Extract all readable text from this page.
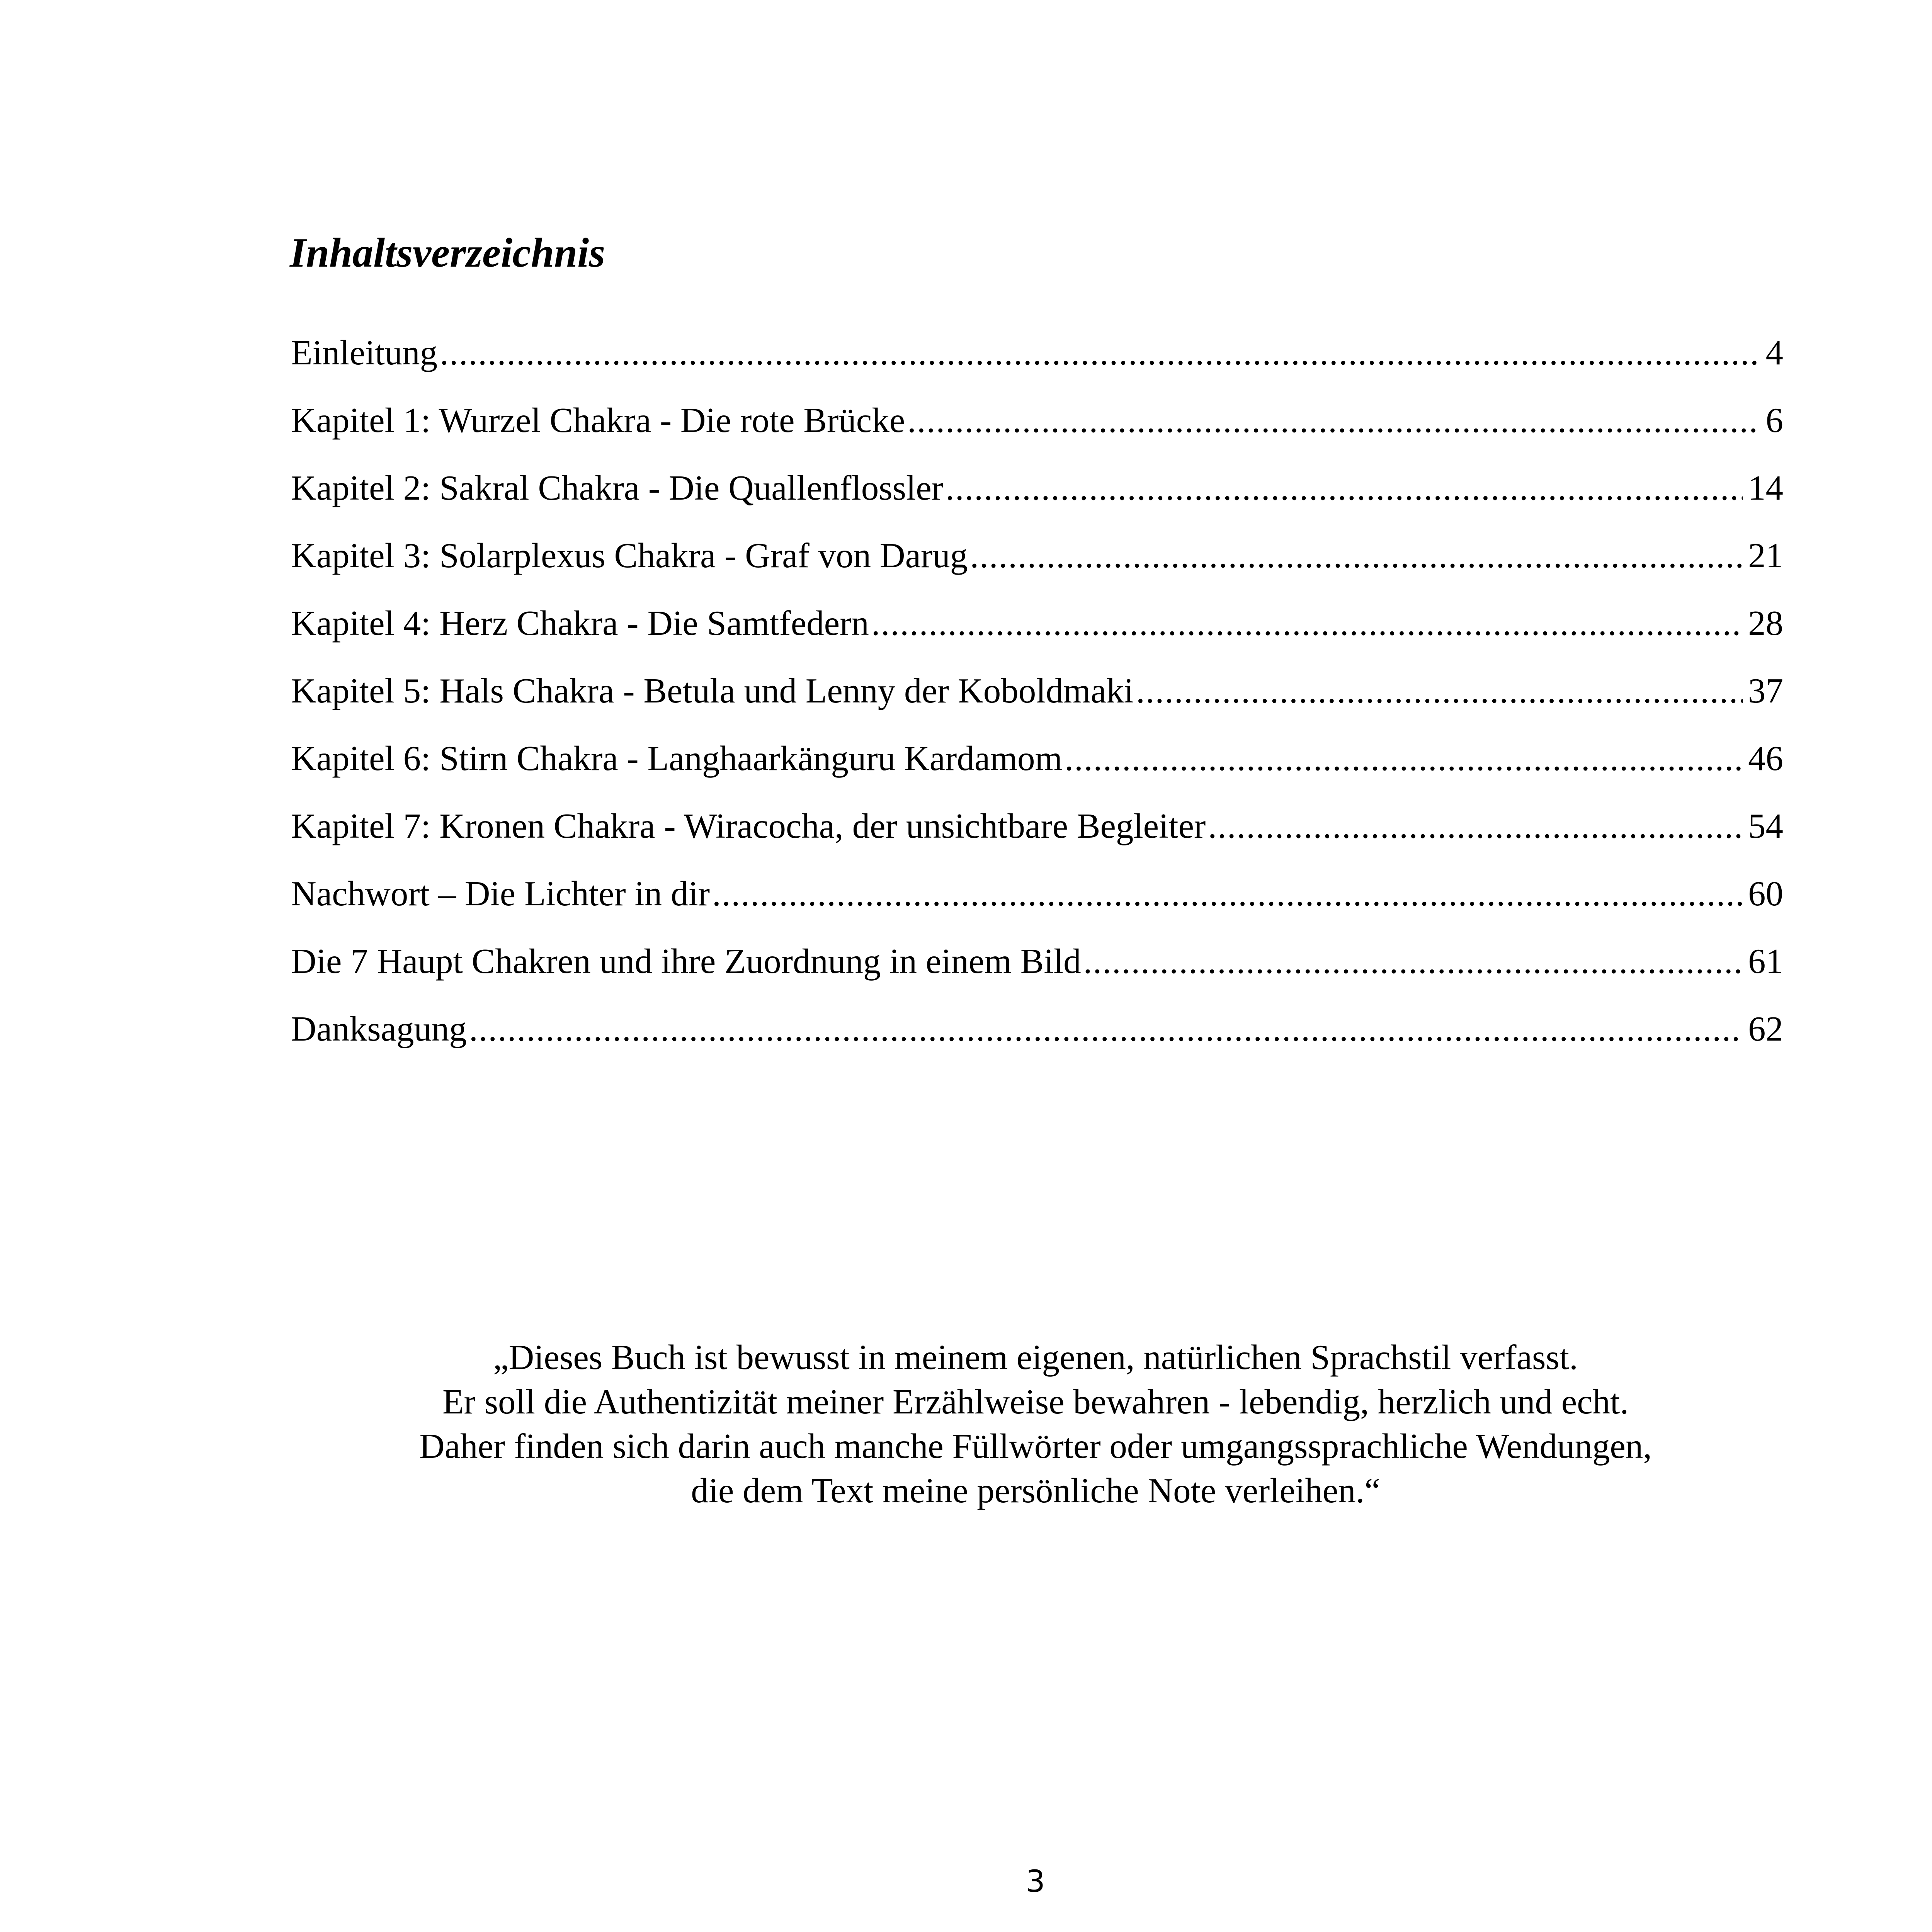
Inhaltsverzeichnis
Einleitung .....	4
Kapitel 1: Wurzel Chakra - Die rote Brücke .....	6
Kapitel 2: Sakral Chakra - Die Quallenflossler .....	14
Kapitel 3: Solarplexus Chakra - Graf von Darug .....	21
Kapitel 4: Herz Chakra - Die Samtfedern .....	28
Kapitel 5: Hals Chakra - Betula und Lenny der Koboldmaki .....	37
Kapitel 6: Stirn Chakra - Langhaarkänguru Kardamom .....	46
Kapitel 7: Kronen Chakra - Wiracocha, der unsichtbare Begleiter .....	54
Nachwort – Die Lichter in dir .....	60
Die 7 Haupt Chakren und ihre Zuordnung in einem Bild .....	61
Danksagung .....	62
„Dieses Buch ist bewusst in meinem eigenen, natürlichen Sprachstil verfasst.
Er soll die Authentizität meiner Erzählweise bewahren - lebendig, herzlich und echt.
Daher finden sich darin auch manche Füllwörter oder umgangssprachliche Wendungen,
die dem Text meine persönliche Note verleihen.“
3
